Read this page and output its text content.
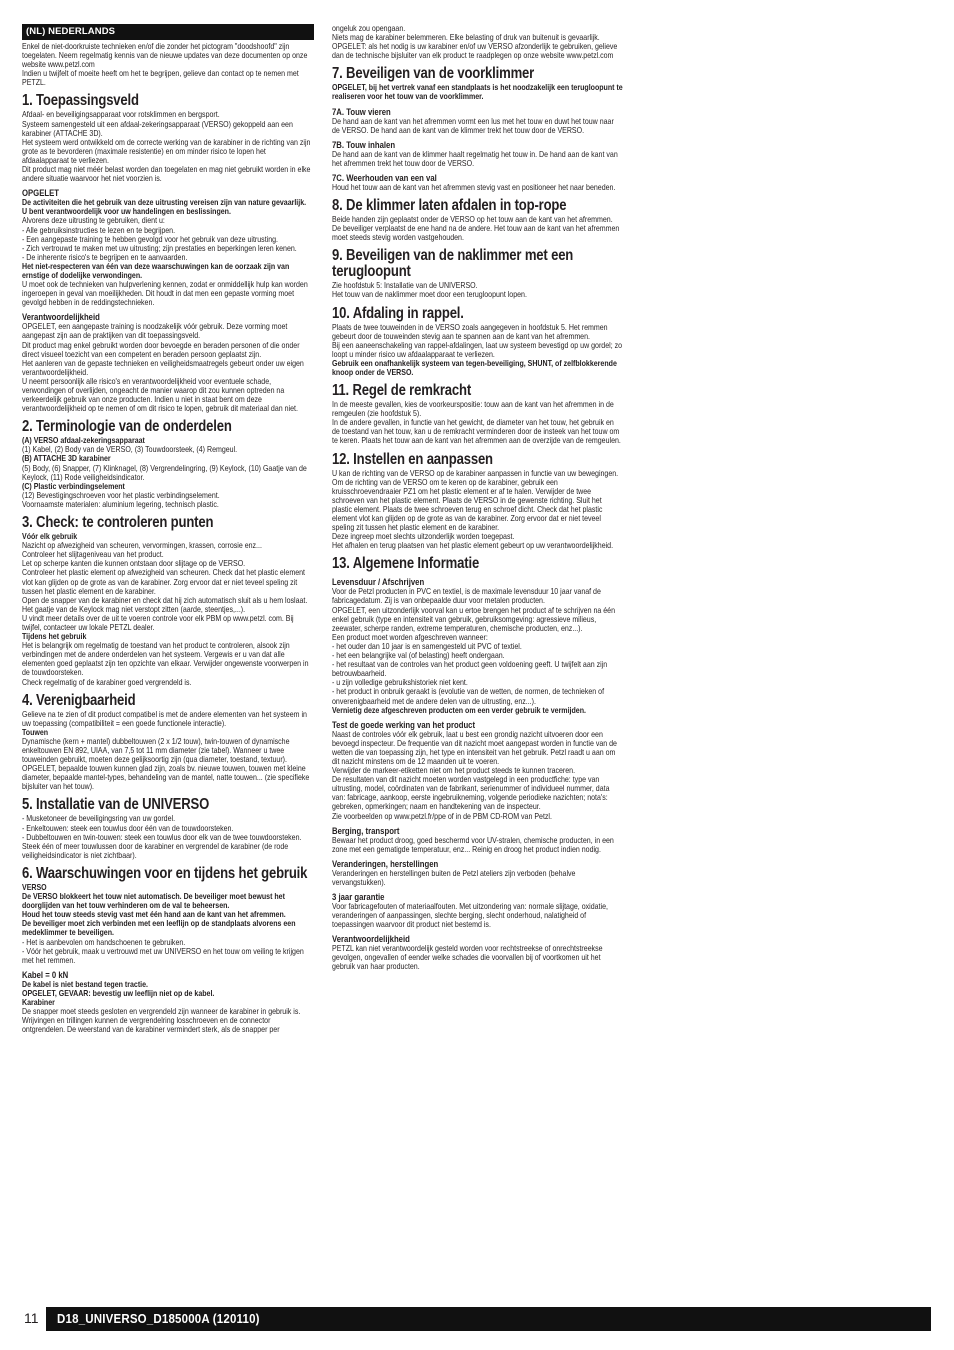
(NL) NEDERLANDS
Enkel de niet-doorkruiste technieken en/of die zonder het pictogram "doodshoofd" zijn toegelaten. Neem regelmatig kennis van de nieuwe updates van deze documenten op onze website www.petzl.com
Indien u twijfelt of moeite heeft om het te begrijpen, gelieve dan contact op te nemen met PETZL.
1. Toepassingsveld
Afdaal- en beveiligingsapparaat voor rotsklimmen en bergsport.
Systeem samengesteld uit een afdaal-zekeringsapparaat (VERSO) gekoppeld aan een karabiner (ATTACHE 3D).
Het systeem werd ontwikkeld om de correcte werking van de karabiner in de richting van zijn grote as te bevorderen (maximale resistentie) en om minder risico te lopen het afdaalapparaat te verliezen.
Dit product mag niet méér belast worden dan toegelaten en mag niet gebruikt worden in elke andere situatie waarvoor het niet voorzien is.
OPGELET
De activiteiten die het gebruik van deze uitrusting vereisen zijn van nature gevaarlijk.
U bent verantwoordelijk voor uw handelingen en beslissingen.
Alvorens deze uitrusting te gebruiken, dient u:
- Alle gebruiksinstructies te lezen en te begrijpen.
- Een aangepaste training te hebben gevolgd voor het gebruik van deze uitrusting.
- Zich vertrouwd te maken met uw uitrusting; zijn prestaties en beperkingen leren kenen.
- De inherente risico's te begrijpen en te aanvaarden.
Het niet-respecteren van één van deze waarschuwingen kan de oorzaak zijn van ernstige of dodelijke verwondingen.
U moet ook de technieken van hulpverlening kennen, zodat er onmiddellijk hulp kan worden ingeroepen in geval van moeilijkheden. Dit houdt in dat men een gepaste vorming moet gevolgd hebben in de reddingstechnieken.
Verantwoordelijkheid
OPGELET, een aangepaste training is noodzakelijk vóór gebruik. Deze vorming moet aangepast zijn aan de praktijken van dit toepassingsveld.
Dit product mag enkel gebruikt worden door bevoegde en beraden personen of die onder direct visueel toezicht van een competent en beraden persoon geplaatst zijn.
Het aanleren van de gepaste technieken en veiligheidsmaatregels gebeurt onder uw eigen verantwoordelijkheid.
U neemt persoonlijk alle risico's en verantwoordelijkheid voor eventuele schade, verwondingen of overlijden, ongeacht de manier waarop dit zou kunnen optreden na verkeerdelijk gebruik van onze producten. Indien u niet in staat bent om deze verantwoordelijkheid op te nemen of om dit risico te lopen, gebruik dit materiaal dan niet.
2. Terminologie van de onderdelen
(A) VERSO afdaal-zekeringsapparaat
(1) Kabel, (2) Body van de VERSO, (3) Touwdoorsteek, (4) Remgeul.
(B) ATTACHE 3D karabiner
(5) Body, (6) Snapper, (7) Klinknagel, (8) Vergrendelingring, (9) Keylock, (10) Gaatje van de Keylock, (11) Rode veiligheidsindicator.
(C) Plastic verbindingselement
(12) Bevestigingschroeven voor het plastic verbindingselement.
Voornaamste materialen: aluminium legering, technisch plastic.
3. Check: te controleren punten
Vóór elk gebruik
Nazicht op afwezigheid van scheuren, vervormingen, krassen, corrosie enz...
Controleer het slijtageniveau van het product.
Let op scherpe kanten die kunnen ontstaan door slijtage op de VERSO.
Controleer het plastic element op afwezigheid van scheuren. Check dat het plastic element vlot kan glijden op de grote as van de karabiner. Zorg ervoor dat er niet teveel speling zit tussen het plastic element en de karabiner.
Open de snapper van de karabiner en check dat hij zich automatisch sluit als u hem loslaat. Het gaatje van de Keylock mag niet verstopt zitten (aarde, steentjes,...).
U vindt meer details over de uit te voeren controle voor elk PBM op www.petzl. com. Bij twijfel, contacteer uw lokale PETZL dealer.
Tijdens het gebruik
Het is belangrijk om regelmatig de toestand van het product te controleren, alsook zijn verbindingen met de andere onderdelen van het systeem. Vergewis er u van dat alle elementen goed geplaatst zijn ten opzichte van elkaar. Verwijder ongewenste voorwerpen in de touwdoorsteken.
Check regelmatig of de karabiner goed vergrendeld is.
4. Verenigbaarheid
Gelieve na te zien of dit product compatibel is met de andere elementen van het systeem in uw toepassing (compatibiliteit = een goede functionele interactie).
Touwen
Dynamische (kern + mantel) dubbeltouwen (2 x 1/2 touw), twin-touwen of dynamische enkeltouwen EN 892, UIAA, van 7,5 tot 11 mm diameter (zie tabel). Wanneer u twee touweinden gebruikt, moeten deze gelijksoortig zijn (qua diameter, toestand, textuur).
OPGELET, bepaalde touwen kunnen glad zijn, zoals bv. nieuwe touwen, touwen met kleine diameter, bepaalde mantel-types, behandeling van de mantel, natte touwen... (zie specifieke bijsluiter van het touw).
5. Installatie van de UNIVERSO
- Musketoneer de beveiligingsring van uw gordel.
- Enkeltouwen: steek een touwlus door één van de touwdoorsteken.
- Dubbeltouwen en twin-touwen: steek een touwlus door elk van de twee touwdoorsteken.
Steek één of meer touwlussen door de karabiner en vergrendel de karabiner (de rode veiligheidsindicator is niet zichtbaar).
6. Waarschuwingen voor en tijdens het gebruik
VERSO
De VERSO blokkeert het touw niet automatisch. De beveiliger moet bewust het doorglijden van het touw verhinderen om de val te beheersen.
Houd het touw steeds stevig vast met één hand aan de kant van het afremmen.
De beveiliger moet zich verbinden met een leeflijn op de standplaats alvorens een medeklimmer te beveiligen.
- Het is aanbevolen om handschoenen te gebruiken.
- Vóór het gebruik, maak u vertrouwd met uw UNIVERSO en het touw om veiling te krijgen met het remmen.
Kabel = 0 kN
De kabel is niet bestand tegen tractie.
OPGELET, GEVAAR: bevestig uw leeflijn niet op de kabel.
Karabiner
De snapper moet steeds gesloten en vergrendeld zijn wanneer de karabiner in gebruik is.
Wrijvingen en trillingen kunnen de vergrendelring losschroeven en de connector ontgrendelen. De weerstand van de karabiner vermindert sterk, als de snapper per
ongeluk zou opengaan.
Niets mag de karabiner belemmeren. Elke belasting of druk van buitenuit is gevaarlijk.
OPGELET: als het nodig is uw karabiner en/of uw VERSO afzonderlijk te gebruiken, gelieve dan de technische bijsluiter van elk product te raadplegen op onze website www.petzl.com
7. Beveiligen van de voorklimmer
OPGELET, bij het vertrek vanaf een standplaats is het noodzakelijk een terugloopunt te realiseren voor het touw van de voorklimmer.
7A. Touw vieren
De hand aan de kant van het afremmen vormt een lus met het touw en duwt het touw naar de VERSO. De hand aan de kant van de klimmer trekt het touw door de VERSO.
7B. Touw inhalen
De hand aan de kant van de klimmer haalt regelmatig het touw in. De hand aan de kant van het afremmen trekt het touw door de VERSO.
7C. Weerhouden van een val
Houd het touw aan de kant van het afremmen stevig vast en positioneer het naar beneden.
8. De klimmer laten afdalen in top-rope
Beide handen zijn geplaatst onder de VERSO op het touw aan de kant van het afremmen. De beveiliger verplaatst de ene hand na de andere. Het touw aan de kant van het afremmen moet steeds stevig worden vastgehouden.
9. Beveiligen van de naklimmer met een terugloopunt
Zie hoofdstuk 5: Installatie van de UNIVERSO.
Het touw van de naklimmer moet door een terugloopunt lopen.
10. Afdaling in rappel.
Plaats de twee touweinden in de VERSO zoals aangegeven in hoofdstuk 5. Het remmen gebeurt door de touweinden stevig aan te spannen aan de kant van het afremmen.
Bij een aaneenschakeling van rappel-afdalingen, laat uw systeem bevestigd op uw gordel; zo loopt u minder risico uw afdaalapparaat te verliezen.
Gebruik een onafhankelijk systeem van tegen-beveiliging, SHUNT, of zelfblokkerende knoop onder de VERSO.
11. Regel de remkracht
In de meeste gevallen, kies de voorkeurspositie: touw aan de kant van het afremmen in de remgeulen (zie hoofdstuk 5).
In de andere gevallen, in functie van het gewicht, de diameter van het touw, het gebruik en de toestand van het touw, kan u de remkracht verminderen door de insteek van het touw om te keren. Plaats het touw aan de kant van het afremmen aan de overzijde van de remgeulen.
12. Instellen en aanpassen
U kan de richting van de VERSO op de karabiner aanpassen in functie van uw bewegingen.
Om de richting van de VERSO om te keren op de karabiner, gebruik een kruisschroevendraaier PZ1 om het plastic element er af te halen. Verwijder de twee schroeven van het plastic element. Plaats de VERSO in de gewenste richting. Sluit het plastic element. Plaats de twee schroeven terug en schroef dicht. Check dat het plastic element vlot kan glijden op de grote as van de karabiner. Zorg ervoor dat er niet teveel speling zit tussen het plastic element en de karabiner.
Deze ingreep moet slechts uitzonderlijk worden toegepast.
Het afhalen en terug plaatsen van het plastic element gebeurt op uw verantwoordelijkheid.
13. Algemene Informatie
Levensduur / Afschrijven
Voor de Petzl producten in PVC en textiel, is de maximale levensduur 10 jaar vanaf de fabricagedatum. Zij is van onbepaalde duur voor metalen producten.
OPGELET, een uitzonderlijk voorval kan u ertoe brengen het product af te schrijven na één enkel gebruik (type en intensiteit van gebruik, gebruiksomgeving: agressieve milieus, zeewater, scherpe randen, extreme temperaturen, chemische producten, enz...).
Een product moet worden afgeschreven wanneer:
- het ouder dan 10 jaar is en samengesteld uit PVC of textiel.
- het een belangrijke val (of belasting) heeft ondergaan.
- het resultaat van de controles van het product geen voldoening geeft. U twijfelt aan zijn betrouwbaarheid.
- u zijn volledige gebruikshistoriek niet kent.
- het product in onbruik geraakt is (evolutie van de wetten, de normen, de technieken of onverenigbaarheid met de andere delen van de uitrusting, enz...).
Vernietig deze afgeschreven producten om een verder gebruik te vermijden.
Test de goede werking van het product
Naast de controles vóór elk gebruik, laat u best een grondig nazicht uitvoeren door een bevoegd inspecteur. De frequentie van dit nazicht moet aangepast worden in functie van de wetten die van toepassing zijn, het type en intensiteit van het gebruik. Petzl raadt u aan om dit nazicht minstens om de 12 maanden uit te voeren.
Verwijder de markeer-etiketten niet om het product steeds te kunnen traceren.
De resultaten van dit nazicht moeten worden vastgelegd in een productfiche: type van uitrusting, model, coördinaten van de fabrikant, serienummer of individueel nummer, data van: fabricage, aankoop, eerste ingebruikneming, volgende periodieke nazichten; nota's: gebreken, opmerkingen; naam en handtekening van de inspecteur.
Zie voorbeelden op www.petzl.fr/ppe of in de PBM CD-ROM van Petzl.
Berging, transport
Bewaar het product droog, goed beschermd voor UV-stralen, chemische producten, in een zone met een gematigde temperatuur, enz... Reinig en droog het product indien nodig.
Veranderingen, herstellingen
Veranderingen en herstellingen buiten de Petzl ateliers zijn verboden (behalve vervangstukken).
3 jaar garantie
Voor fabricagefouten of materiaalfouten. Met uitzondering van: normale slijtage, oxidatie, veranderingen of aanpassingen, slechte berging, slecht onderhoud, nalatigheid of toepassingen waarvoor dit product niet bestemd is.
Verantwoordelijkheid
PETZL kan niet verantwoordelijk gesteld worden voor rechtstreekse of onrechtstreekse gevolgen, ongevallen of eender welke schades die voorvallen bij of voortkomen uit het gebruik van haar producten.
11	D18_UNIVERSO_D185000A (120110)
